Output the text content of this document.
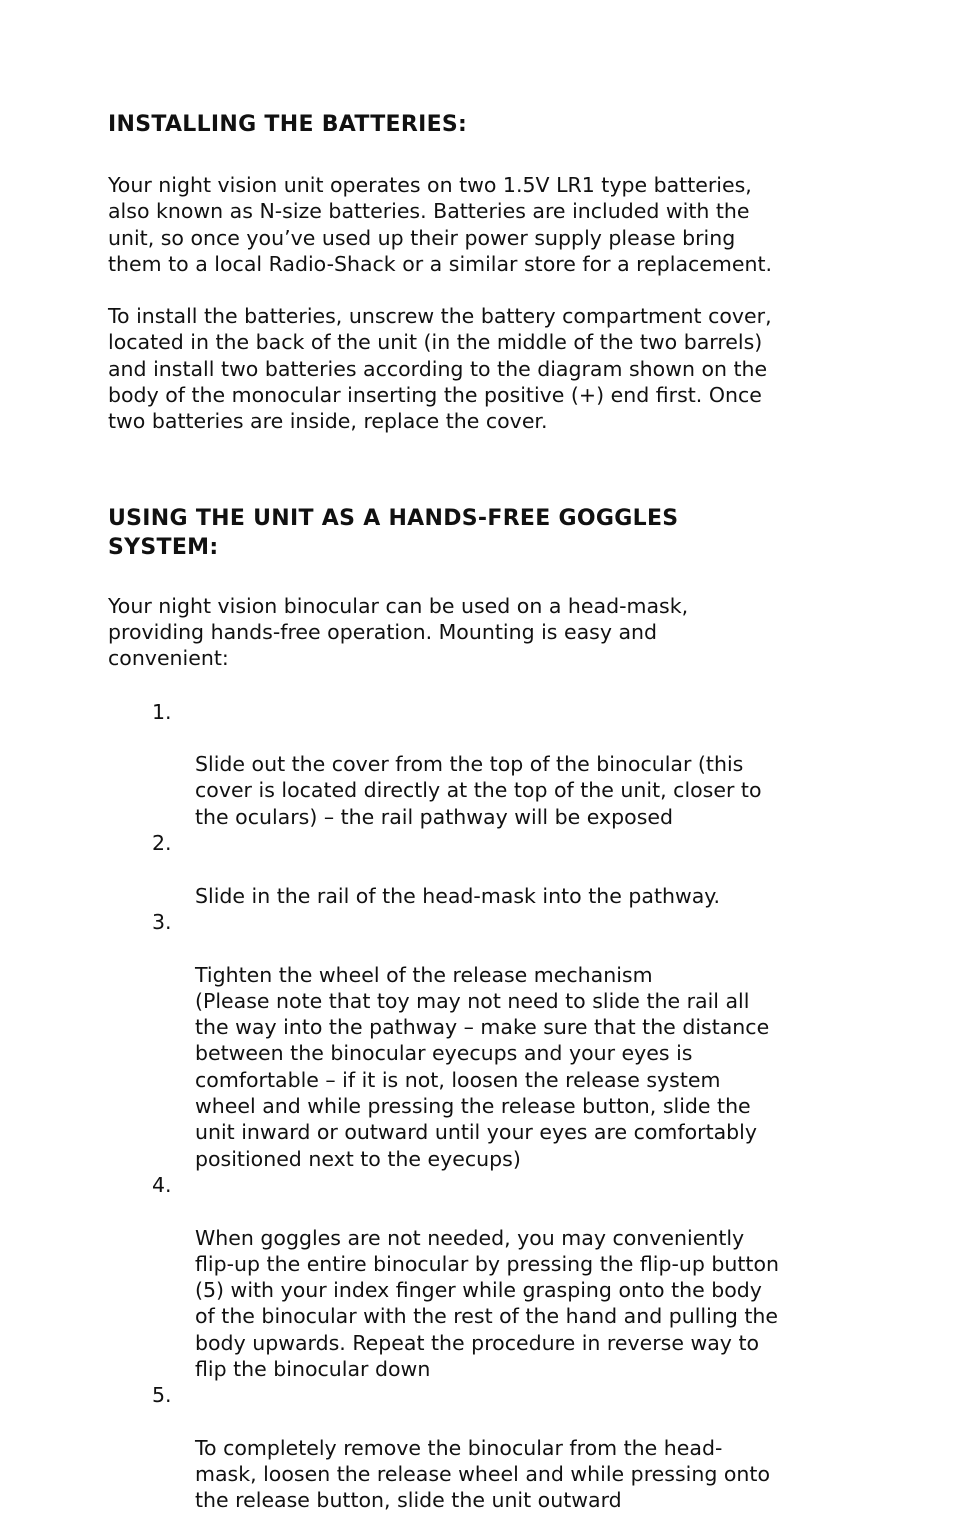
INSTALLING THE BATTERIES:

Your night vision unit operates on two 1.5V LR1 type batteries,
also known as N-size batteries. Batteries are included with the
unit, so once you’ve used up their power supply please bring
them to a local Radio-Shack or a similar store for a replacement.

To install the batteries, unscrew the battery compartment cover,
located in the back of the unit (in the middle of the two barrels)
and install two batteries according to the diagram shown on the
body of the monocular inserting the positive (+) end first. Once
two batteries are inside, replace the cover.

USING THE UNIT AS A HANDS-FREE GOGGLES
SYSTEM:

Your night vision binocular can be used on a head-mask,
providing hands-free operation. Mounting is easy and
convenient:

1.

Slide out the cover from the top of the binocular (this
cover is located directly at the top of the unit, closer to
the oculars) – the rail pathway will be exposed

2.

Slide in the rail of the head-mask into the pathway.

3.

Tighten the wheel of the release mechanism
(Please note that toy may not need to slide the rail all
the way into the pathway – make sure that the distance
between the binocular eyecups and your eyes is
comfortable – if it is not, loosen the release system
wheel and while pressing the release button, slide the
unit inward or outward until your eyes are comfortably
positioned next to the eyecups)

4.

When goggles are not needed, you may conveniently
flip-up the entire binocular by pressing the flip-up button
(5) with your index finger while grasping onto the body
of the binocular with the rest of the hand and pulling the
body upwards. Repeat the procedure in reverse way to
flip the binocular down

5.

To completely remove the binocular from the head-
mask, loosen the release wheel and while pressing onto
the release button, slide the unit outward
